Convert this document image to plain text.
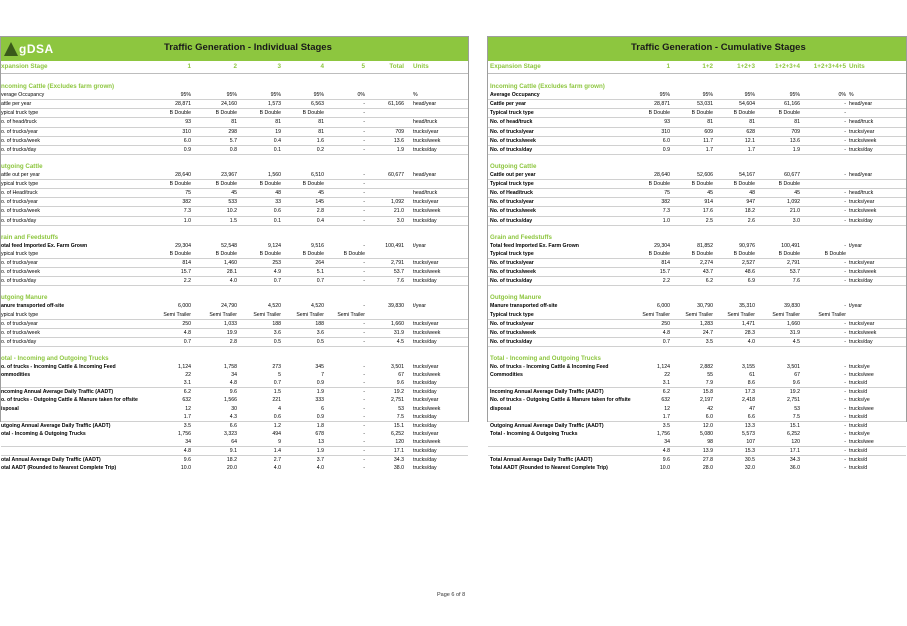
gDSA	Traffic Generation - Individual Stages
xpansion Stage	1	2	3	4	5	Total Units
ncoming Cattle (Excludes farm grown)
verage Occupancy	95%	95%	95%	95%	0%	%
attle per year	28,871	24,160	1,573	6,563	-	61,166 head/year
ypical truck type	B Double	B Double	B Double	B Double	-
o. of head/truck	93	81	81	81	-	head/truck
o. of trucks/year	310	298	19	81	-	709 trucks/year
o. of trucks/week	6.0	5.7	0.4	1.6	-	13.6 trucks/week
o. of trucks/day	0.9	0.8	0.1	0.2	-	1.9 trucks/day
utgoing Cattle
attle out per year	28,640	23,967	1,560	6,510	-	60,677 head/year
ypical truck type	B Double	B Double	B Double	B Double	-
o. of Head/truck	75	45	48	45	-	head/truck
o. of trucks/year	382	533	33	145	-	1,092 trucks/year
o. of trucks/week	7.3	10.2	0.6	2.8	-	21.0 trucks/week
o. of trucks/day	1.0	1.5	0.1	0.4	-	3.0 trucks/day
rain and Feedstuffs
otal feed Imported Ex. Farm Grown	29,304	52,548	9,124	9,516	-	100,491 t/year
ypical truck type	B Double	B Double	B Double	B Double	B Double
o. of trucks/year	814	1,460	253	264	-	2,791 trucks/year
o. of trucks/week	15.7	28.1	4.9	5.1	-	53.7 trucks/week
o. of trucks/day	2.2	4.0	0.7	0.7	-	7.6 trucks/day
utgoing Manure
anure transported off-site	6,000	24,790	4,520	4,520	-	39,830 t/year
ypical truck type	Semi Trailer	Semi Trailer	Semi Trailer	Semi Trailer	Semi Trailer
o. of trucks/year	250	1,033	188	188	-	1,660 trucks/year
o. of trucks/week	4.8	19.9	3.6	3.6	-	31.9 trucks/week
o. of trucks/day	0.7	2.8	0.5	0.5	-	4.5 trucks/day
otal - Incoming and Outgoing Trucks
o. of trucks - Incoming Cattle & Incoming Feed	1,124	1,758	273	345	-	3,501 trucks/year
ommodities	22	34	5	7	-	67 trucks/week
3.1	4.8	0.7	0.9	-	9.6 trucks/day
ncoming Annual Average Daily Traffic (AADT)	6.2	9.6	1.5	1.9	-	19.2 trucks/day
o. of trucks - Outgoing Cattle & Manure taken for offsite	632	1,566	221	333	-	2,751 trucks/year
isposal	12	30	4	6	-	53 trucks/week
1.7	4.3	0.6	0.9	-	7.5 trucks/day
utgoing Annual Average Daily Traffic (AADT)	3.5	6.6	1.2	1.8	-	15.1 trucks/day
otal - Incoming & Outgoing Trucks	1,756	3,323	494	678	-	6,252 trucks/year
34	64	9	13	-	120 trucks/week
4.8	9.1	1.4	1.9	-	17.1 trucks/day
otal Annual Average Daily Traffic (AADT)	9.6	18.2	2.7	3.7	-	34.3 trucks/day
otal AADT (Rounded to Nearest Complete Trip)	10.0	20.0	4.0	4.0	-	38.0 trucks/day
Traffic Generation - Cumulative Stages
Expansion Stage	1	1+2	1+2+3	1+2+3+4	1+2+3+4+5 Units
Incoming Cattle (Excludes farm grown)
Average Occupancy	95%	95%	95%	95%	0% %
Cattle per year	28,871	53,031	54,604	61,166	- head/year
Typical truck type	B Double	B Double	B Double	B Double	-
No. of head/truck	93	81	81	81	- head/truck
No. of trucks/year	310	609	628	709	- trucks/year
No. of trucks/week	6.0	11.7	12.1	13.6	- trucks/week
No. of trucks/day	0.9	1.7	1.7	1.9	- trucks/day
Outgoing Cattle
Cattle out per year	28,640	52,606	54,167	60,677	- head/year
Typical truck type	B Double	B Double	B Double	B Double
No. of Head/truck	75	45	48	45	- head/truck
No. of trucks/year	382	914	947	1,092	- trucks/year
No. of trucks/week	7.3	17.6	18.2	21.0	- trucks/week
No. of trucks/day	1.0	2.5	2.6	3.0	- trucks/day
Grain and Feedstuffs
Total feed Imported Ex. Farm Grown	29,304	81,852	90,976	100,491	- t/year
Typical truck type	B Double	B Double	B Double	B Double	B Double
No. of trucks/year	814	2,274	2,527	2,791	- trucks/year
No. of trucks/week	15.7	43.7	48.6	53.7	- trucks/week
No. of trucks/day	2.2	6.2	6.9	7.6	- trucks/day
Outgoing Manure
Manure transported off-site	6,000	30,790	35,310	39,830	- t/year
Typical truck type	Semi Trailer	Semi Trailer	Semi Trailer	Semi Trailer	Semi Trailer
No. of trucks/year	250	1,283	1,471	1,660	- trucks/year
No. of trucks/week	4.8	24.7	28.3	31.9	- trucks/week
No. of trucks/day	0.7	3.5	4.0	4.5	- trucks/day
Total - Incoming and Outgoing Trucks
No. of trucks - Incoming Cattle & Incoming Feed	1,124	2,882	3,155	3,501	- trucks/ye
Commodities	22	55	61	67	- trucks/wee
3.1	7.9	8.6	9.6	- trucks/d
Incoming Annual Average Daily Traffic (AADT)	6.2	15.8	17.3	19.2	- trucks/d
No. of trucks - Outgoing Cattle & Manure taken for offsite	632	2,197	2,418	2,751	- trucks/ye
disposal	12	42	47	53	- trucks/wee
1.7	6.0	6.6	7.5	- trucks/d
Outgoing Annual Average Daily Traffic (AADT)	3.5	12.0	13.3	15.1	- trucks/d
Total - Incoming & Outgoing Trucks	1,756	5,080	5,573	6,252	- trucks/ye
34	98	107	120	- trucks/wee
4.8	13.9	15.3	17.1	- trucks/d
Total Annual Average Daily Traffic (AADT)	9.6	27.8	30.5	34.3	- trucks/d
Total AADT (Rounded to Nearest Complete Trip)	10.0	28.0	32.0	36.0	- trucks/d
Page 6 of 8
